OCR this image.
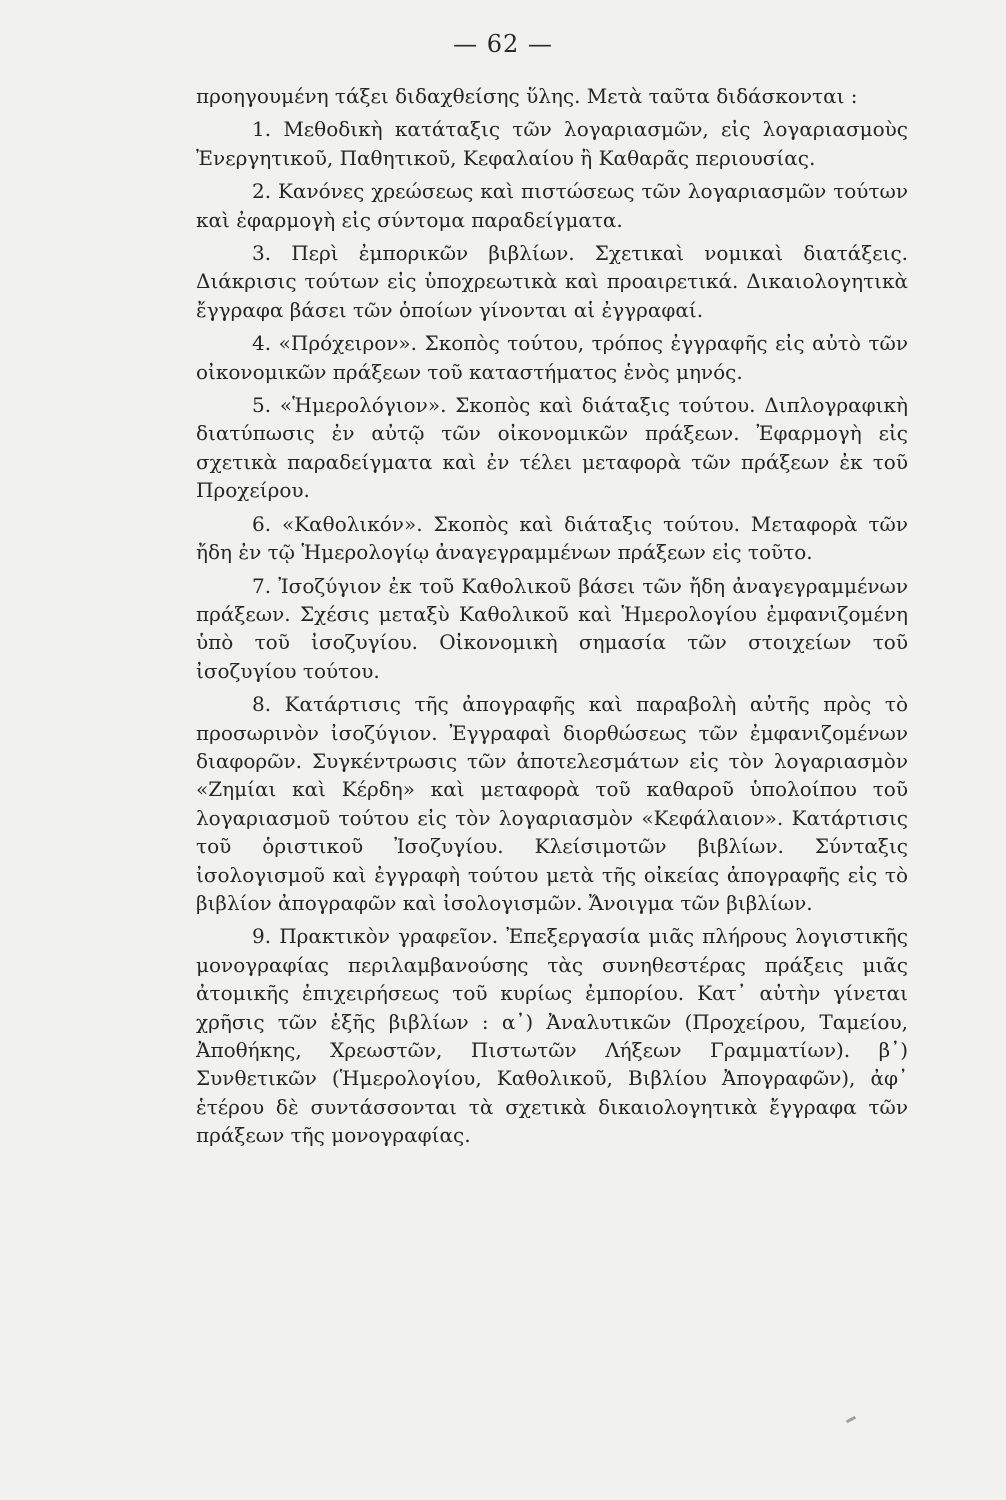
— 62 —

προηγουμένη τάξει διδαχθείσης ὕλης. Μετὰ ταῦτα διδάσκονται :

1. Μεθοδικὴ κατάταξις τῶν λογαριασμῶν, εἰς λογαριασμοὺς Ἐνεργητικοῦ, Παθητικοῦ, Κεφαλαίου ἢ Καθαρᾶς περιουσίας.

2. Κανόνες χρεώσεως καὶ πιστώσεως τῶν λογαριασμῶν τούτων καὶ ἐφαρμογὴ εἰς σύντομα παραδείγματα.

3. Περὶ ἐμπορικῶν βιβλίων. Σχετικαὶ νομικαὶ διατάξεις. Διάκρισις τούτων εἰς ὑποχρεωτικὰ καὶ προαιρετικά. Δικαιολογητικὰ ἔγγραφα βάσει τῶν ὁποίων γίνονται αἱ ἐγγραφαί.

4. «Πρόχειρον». Σκοπὸς τούτου, τρόπος ἐγγραφῆς εἰς αὐτὸ τῶν οἰκονομικῶν πράξεων τοῦ καταστήματος ἑνὸς μηνός.

5. «Ἡμερολόγιον». Σκοπὸς καὶ διάταξις τούτου. Διπλογραφικὴ διατύπωσις ἐν αὐτῷ τῶν οἰκονομικῶν πράξεων. Ἐφαρμογὴ εἰς σχετικὰ παραδείγματα καὶ ἐν τέλει μεταφορὰ τῶν πράξεων ἐκ τοῦ Προχείρου.

6. «Καθολικόν». Σκοπὸς καὶ διάταξις τούτου. Μεταφορὰ τῶν ἤδη ἐν τῷ Ἡμερολογίῳ ἀναγεγραμμένων πράξεων εἰς τοῦτο.

7. Ἰσοζύγιον ἐκ τοῦ Καθολικοῦ βάσει τῶν ἤδη ἀναγεγραμμένων πράξεων. Σχέσις μεταξὺ Καθολικοῦ καὶ Ἡμερολογίου ἐμφανιζομένη ὑπὸ τοῦ ἰσοζυγίου. Οἰκονομικὴ σημασία τῶν στοιχείων τοῦ ἰσοζυγίου τούτου.

8. Κατάρτισις τῆς ἀπογραφῆς καὶ παραβολὴ αὐτῆς πρὸς τὸ προσωρινὸν ἰσοζύγιον. Ἐγγραφαὶ διορθώσεως τῶν ἐμφανιζομένων διαφορῶν. Συγκέντρωσις τῶν ἀποτελεσμάτων εἰς τὸν λογαριασμὸν «Ζημίαι καὶ Κέρδη» καὶ μεταφορὰ τοῦ καθαροῦ ὑπολοίπου τοῦ λογαριασμοῦ τούτου εἰς τὸν λογαριασμὸν «Κεφάλαιον». Κατάρτισις τοῦ ὁριστικοῦ Ἰσοζυγίου. Κλείσιμοτῶν βιβλίων. Σύνταξις ἰσολογισμοῦ καὶ ἐγγραφὴ τούτου μετὰ τῆς οἰκείας ἀπογραφῆς εἰς τὸ βιβλίον ἀπογραφῶν καὶ ἰσολογισμῶν. Ἄνοιγμα τῶν βιβλίων.

9. Πρακτικὸν γραφεῖον. Ἐπεξεργασία μιᾶς πλήρους λογιστικῆς μονογραφίας περιλαμβανούσης τὰς συνηθεστέρας πράξεις μιᾶς ἀτομικῆς ἐπιχειρήσεως τοῦ κυρίως ἐμπορίου. Κατ᾽ αὐτὴν γίνεται χρῆσις τῶν ἑξῆς βιβλίων : α᾽) Ἀναλυτικῶν (Προχείρου, Ταμείου, Ἀποθήκης, Χρεωστῶν, Πιστωτῶν Λήξεων Γραμματίων). β᾽) Συνθετικῶν (Ἡμερολογίου, Καθολικοῦ, Βιβλίου Ἀπογραφῶν), ἀφ᾽ ἑτέρου δὲ συντάσσονται τὰ σχετικὰ δικαιολογητικὰ ἔγγραφα τῶν πράξεων τῆς μονογραφίας.
